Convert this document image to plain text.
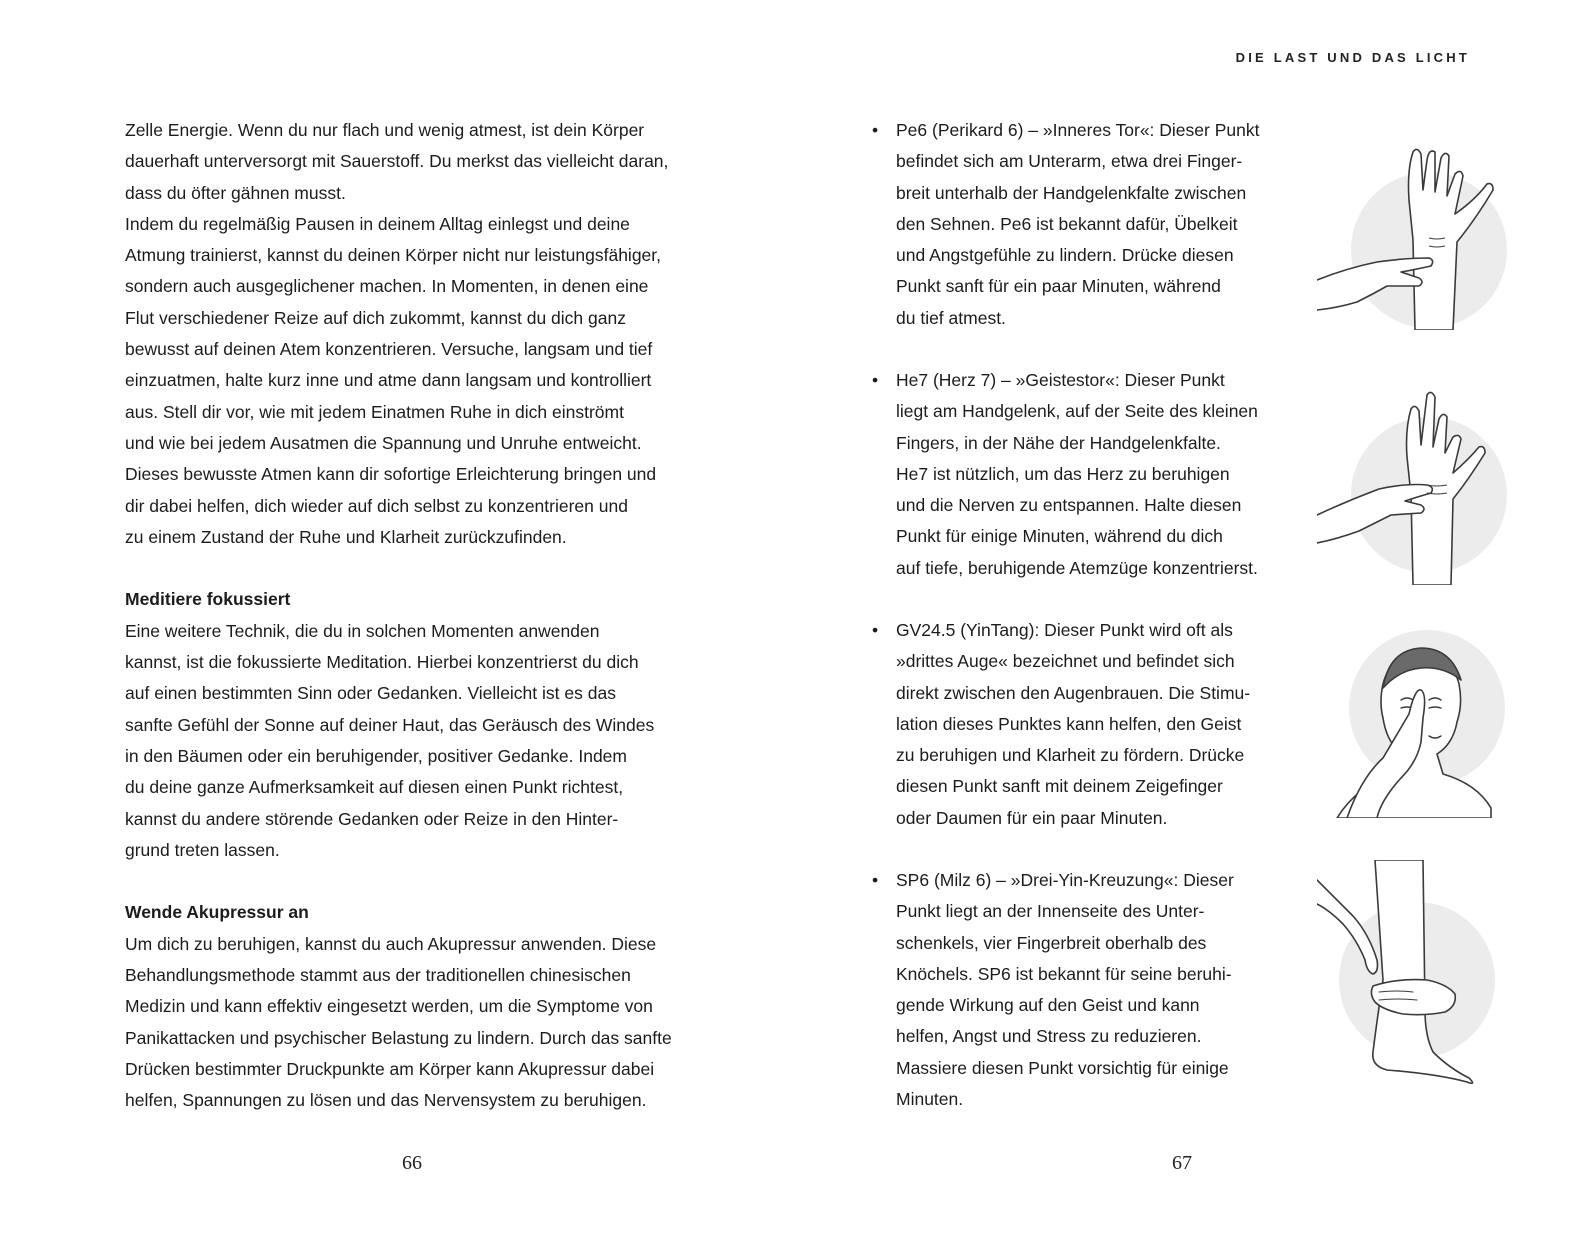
Zelle Energie. Wenn du nur flach und wenig atmest, ist dein Körper
dauerhaft unterversorgt mit Sauerstoff. Du merkst das vielleicht daran,
dass du öfter gähnen musst.
Indem du regelmäßig Pausen in deinem Alltag einlegst und deine
Atmung trainierst, kannst du deinen Körper nicht nur leistungsfähiger,
sondern auch ausgeglichener machen. In Momenten, in denen eine
Flut verschiedener Reize auf dich zukommt, kannst du dich ganz
bewusst auf deinen Atem konzentrieren. Versuche, langsam und tief
einzuatmen, halte kurz inne und atme dann langsam und kontrolliert
aus. Stell dir vor, wie mit jedem Einatmen Ruhe in dich einströmt
und wie bei jedem Ausatmen die Spannung und Unruhe entweicht.
Dieses bewusste Atmen kann dir sofortige Erleichterung bringen und
dir dabei helfen, dich wieder auf dich selbst zu konzentrieren und
zu einem Zustand der Ruhe und Klarheit zurückzufinden.
Meditiere fokussiert
Eine weitere Technik, die du in solchen Momenten anwenden
kannst, ist die fokussierte Meditation. Hierbei konzentrierst du dich
auf einen bestimmten Sinn oder Gedanken. Vielleicht ist es das
sanfte Gefühl der Sonne auf deiner Haut, das Geräusch des Windes
in den Bäumen oder ein beruhigender, positiver Gedanke. Indem
du deine ganze Aufmerksamkeit auf diesen einen Punkt richtest,
kannst du andere störende Gedanken oder Reize in den Hinter-
grund treten lassen.
Wende Akupressur an
Um dich zu beruhigen, kannst du auch Akupressur anwenden. Diese
Behandlungsmethode stammt aus der traditionellen chinesischen
Medizin und kann effektiv eingesetzt werden, um die Symptome von
Panikattacken und psychischer Belastung zu lindern. Durch das sanfte
Drücken bestimmter Druckpunkte am Körper kann Akupressur dabei
helfen, Spannungen zu lösen und das Nervensystem zu beruhigen.
66
DIE LAST UND DAS LICHT
• Pe6 (Perikard 6) – »Inneres Tor«: Dieser Punkt
befindet sich am Unterarm, etwa drei Finger-
breit unterhalb der Handgelenkfalte zwischen
den Sehnen. Pe6 ist bekannt dafür, Übelkeit
und Angstgefühle zu lindern. Drücke diesen
Punkt sanft für ein paar Minuten, während
du tief atmest.
• He7 (Herz 7) – »Geistestor«: Dieser Punkt
liegt am Handgelenk, auf der Seite des kleinen
Fingers, in der Nähe der Handgelenkfalte.
He7 ist nützlich, um das Herz zu beruhigen
und die Nerven zu entspannen. Halte diesen
Punkt für einige Minuten, während du dich
auf tiefe, beruhigende Atemzüge konzentrierst.
• GV24.5 (YinTang): Dieser Punkt wird oft als
»drittes Auge« bezeichnet und befindet sich
direkt zwischen den Augenbrauen. Die Stimu-
lation dieses Punktes kann helfen, den Geist
zu beruhigen und Klarheit zu fördern. Drücke
diesen Punkt sanft mit deinem Zeigefinger
oder Daumen für ein paar Minuten.
• SP6 (Milz 6) – »Drei-Yin-Kreuzung«: Dieser
Punkt liegt an der Innenseite des Unter-
schenkels, vier Fingerbreit oberhalb des
Knöchels. SP6 ist bekannt für seine beruhi-
gende Wirkung auf den Geist und kann
helfen, Angst und Stress zu reduzieren.
Massiere diesen Punkt vorsichtig für einige
Minuten.
67
